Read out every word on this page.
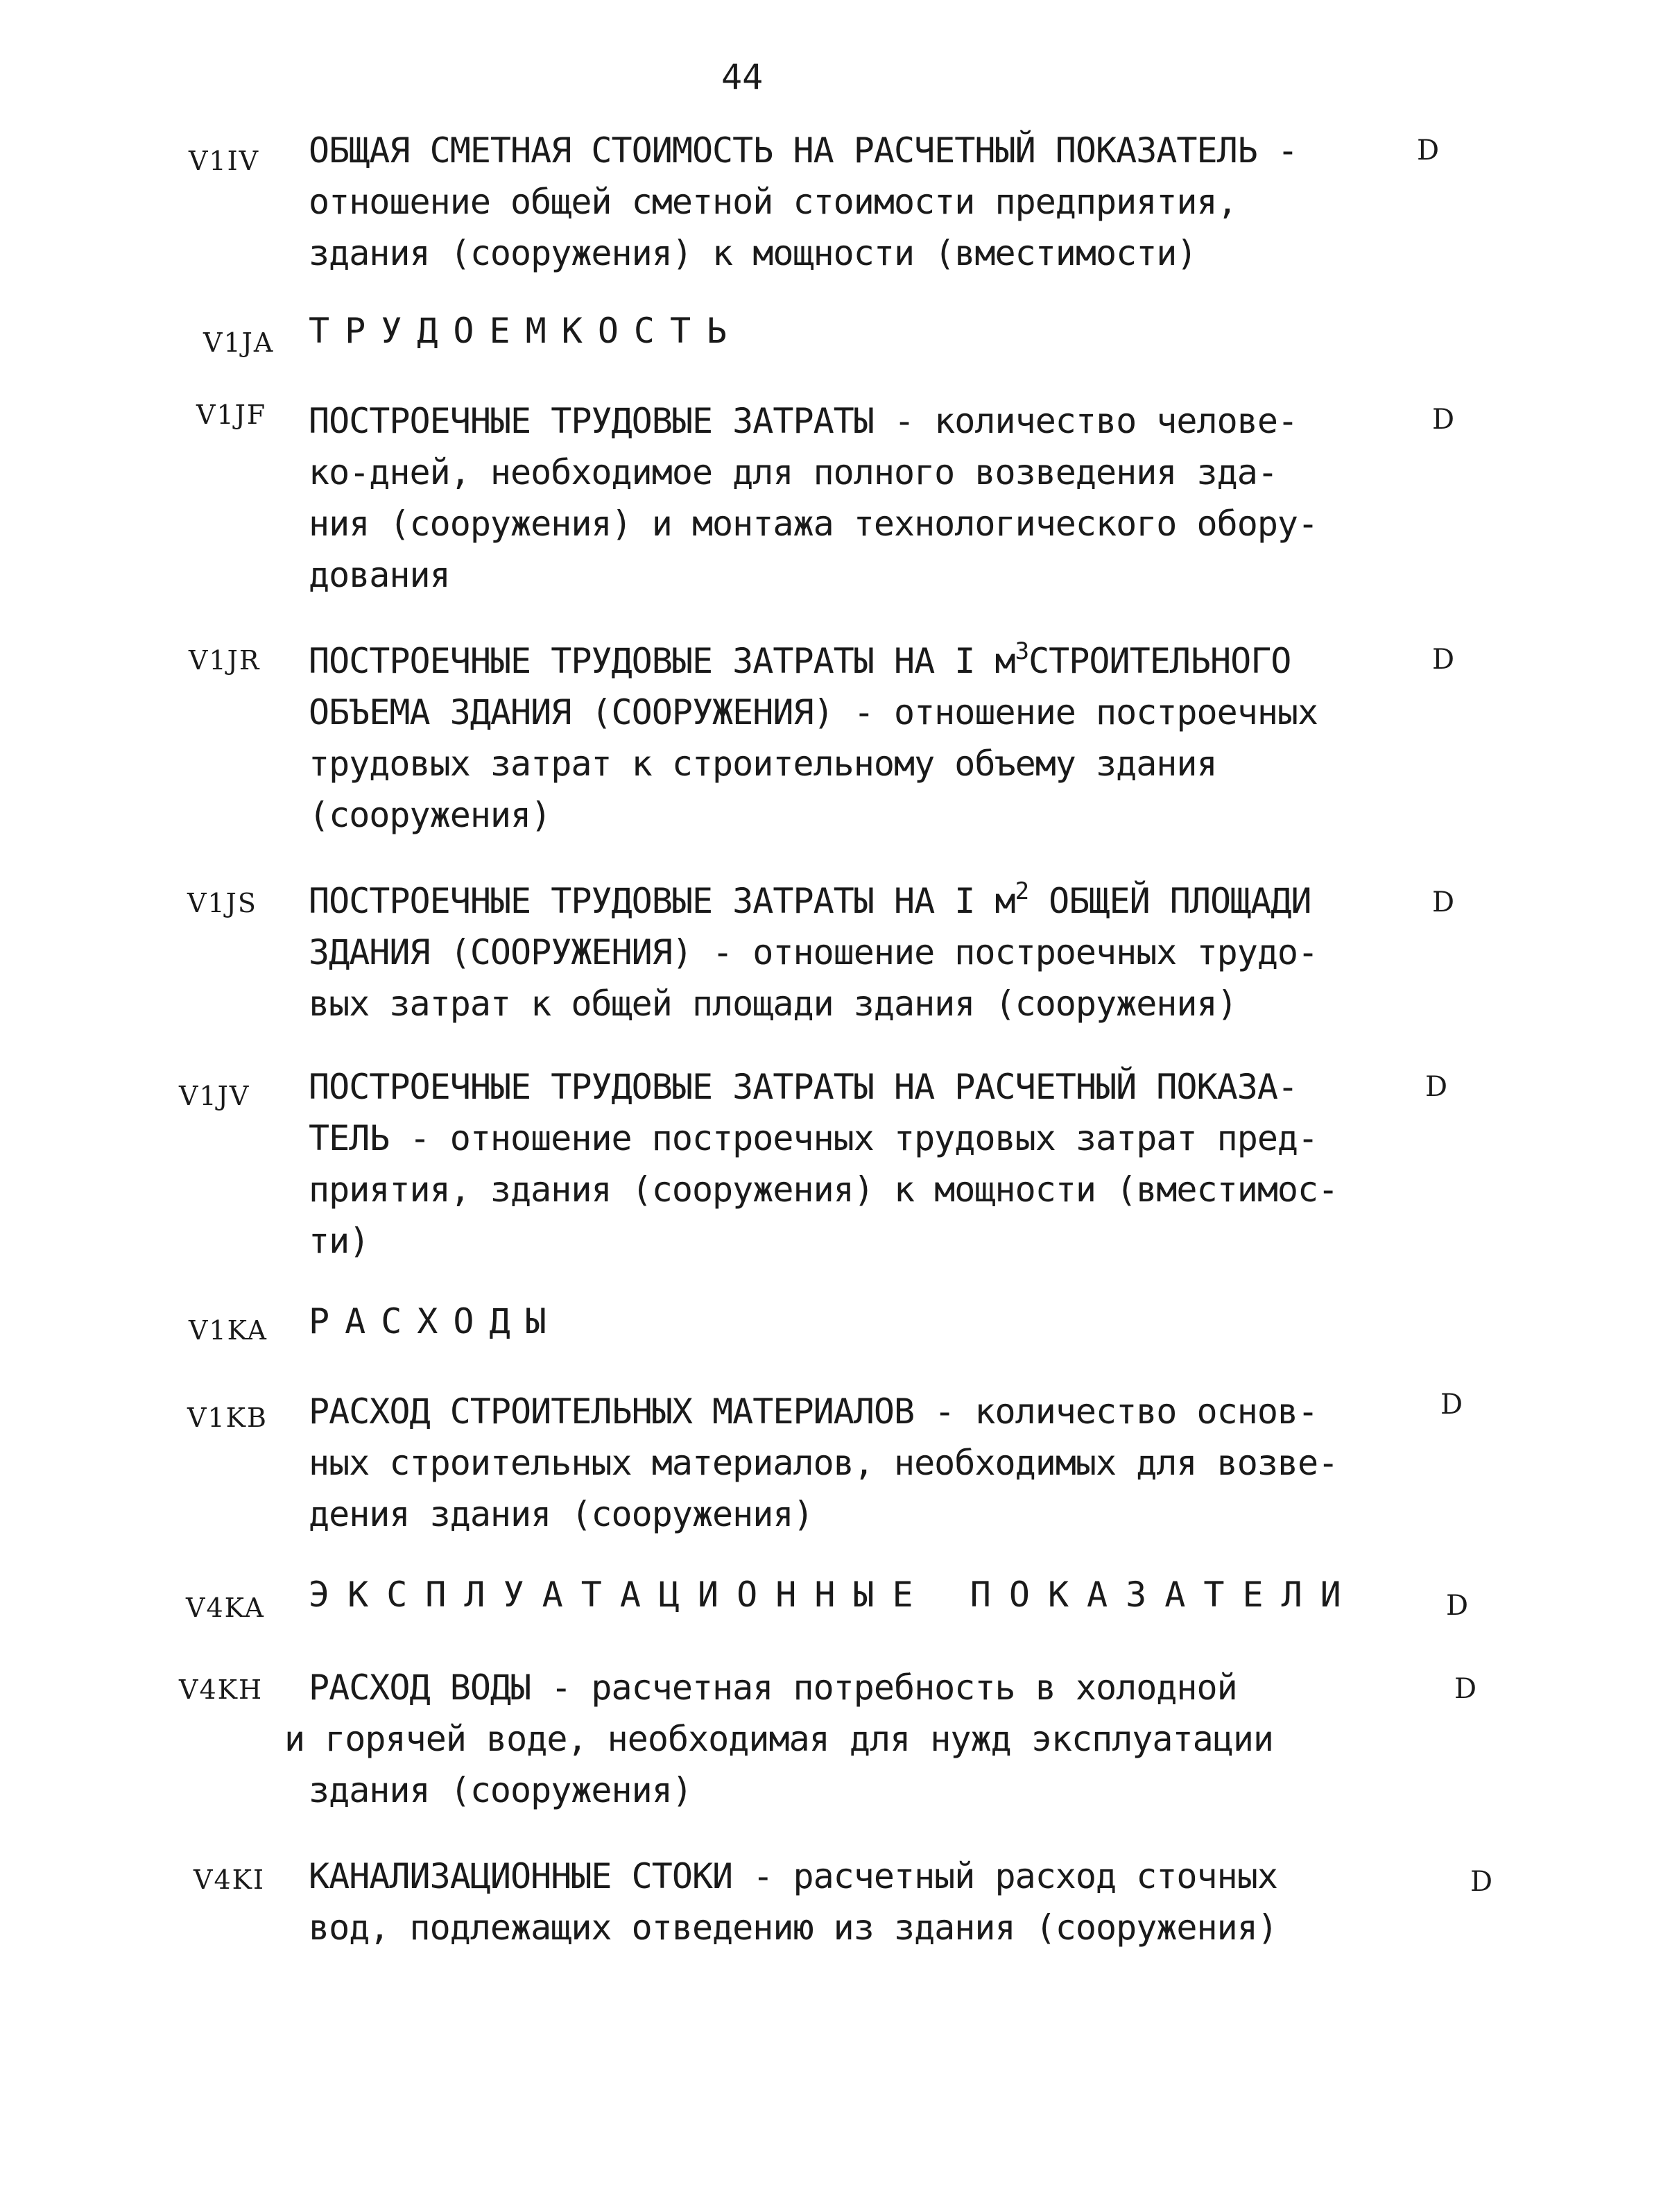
44
V1IV ОБЩАЯ СМЕТНАЯ СТОИМОСТЬ НА РАСЧЕТНЫЙ ПОКАЗАТЕЛЬ -
отношение общей сметной стоимости предприятия,
здания (сооружения) к мощности (вместимости)
D
V1JA ТРУДОЕМКОСТЬ
V1JF ПОСТРОЕЧНЫЕ ТРУДОВЫЕ ЗАТРАТЫ - количество челове-
ко-дней, необходимое для полного возведения зда-
ния (сооружения) и монтажа технологического обору-
дования
D
V1JR ПОСТРОЕЧНЫЕ ТРУДОВЫЕ ЗАТРАТЫ НА I $м^3СТРОИТЕЛЬНОГО$
ОБЪЕМА ЗДАНИЯ (СООРУЖЕНИЯ) - отношение построечных
трудовых затрат к строительному объему здания
(сооружения)
D
V1JS ПОСТРОЕЧНЫЕ ТРУДОВЫЕ ЗАТРАТЫ НА I $м^2$ ОБЩЕЙ ПЛОЩАДИ
ЗДАНИЯ (СООРУЖЕНИЯ) - отношение построечных трудо-
вых затрат к общей площади здания (сооружения)
D
V1JV ПОСТРОЕЧНЫЕ ТРУДОВЫЕ ЗАТРАТЫ НА РАСЧЕТНЫЙ ПОКАЗА-
ТЕЛЬ - отношение построечных трудовых затрат пред-
приятия, здания (сооружения) к мощности (вместимос-
ти)
D
V1KA РАСХОДЫ
V1KB РАСХОД СТРОИТЕЛЬНЫХ МАТЕРИАЛОВ - количество основ-
ных строительных материалов, необходимых для возве-
дения здания (сооружения)
D
V4KA ЭКСПЛУАТАЦИОННЫЕ ПОКАЗАТЕЛИ	D
V4KH РАСХОД ВОДЫ - расчетная потребность в холодной
и горячей воде, необходимая для нужд эксплуатации
здания (сооружения)
D
V4KI КАНАЛИЗАЦИОННЫЕ СТОКИ - расчетный расход сточных
вод, подлежащих отведению из здания (сооружения)
D
